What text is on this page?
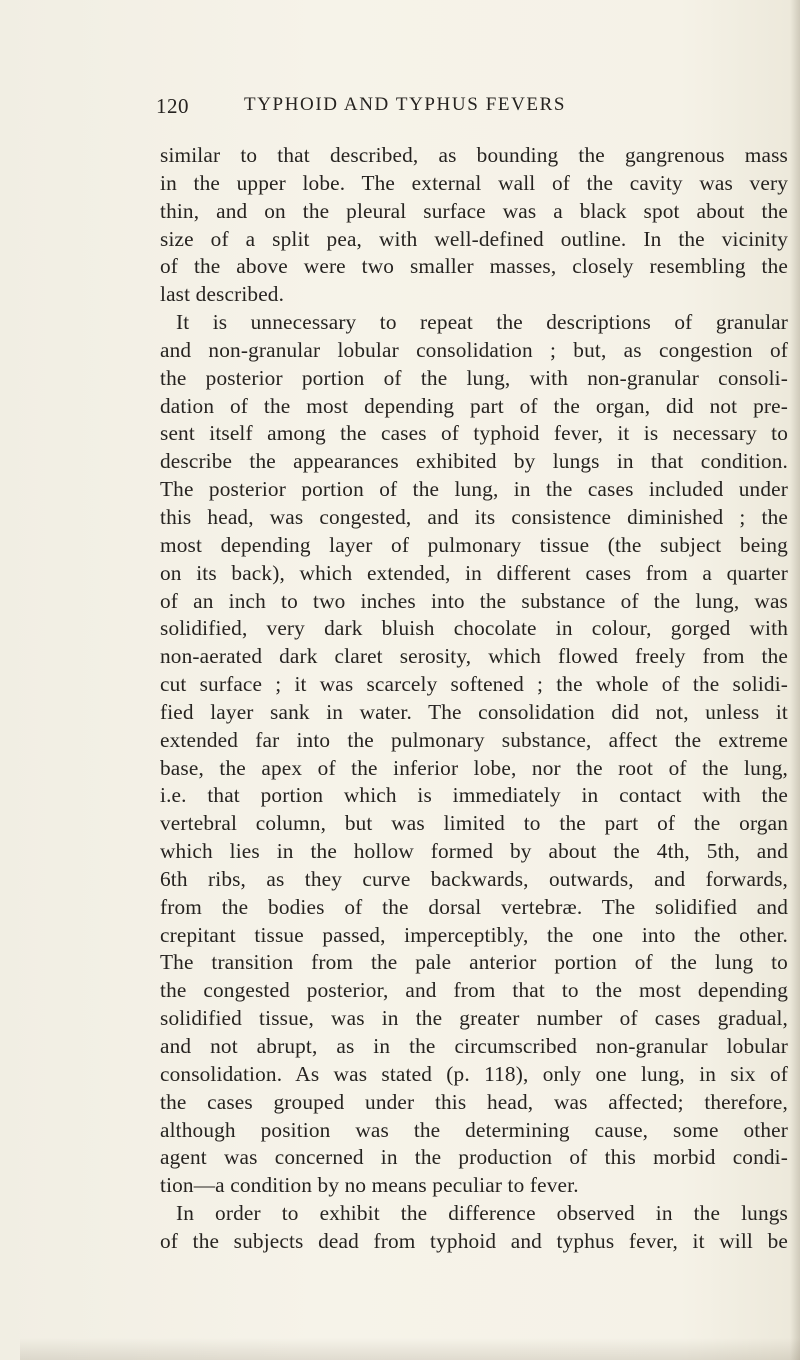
120	TYPHOID AND TYPHUS FEVERS
similar to that described, as bounding the gangrenous mass
in the upper lobe. The external wall of the cavity was very
thin, and on the pleural surface was a black spot about the
size of a split pea, with well-defined outline. In the vicinity
of the above were two smaller masses, closely resembling the
last described.
It is unnecessary to repeat the descriptions of granular
and non-granular lobular consolidation ; but, as congestion of
the posterior portion of the lung, with non-granular consoli-
dation of the most depending part of the organ, did not pre-
sent itself among the cases of typhoid fever, it is necessary to
describe the appearances exhibited by lungs in that condition.
The posterior portion of the lung, in the cases included under
this head, was congested, and its consistence diminished ; the
most depending layer of pulmonary tissue (the subject being
on its back), which extended, in different cases from a quarter
of an inch to two inches into the substance of the lung, was
solidified, very dark bluish chocolate in colour, gorged with
non-aerated dark claret serosity, which flowed freely from the
cut surface ; it was scarcely softened ; the whole of the solidi-
fied layer sank in water. The consolidation did not, unless it
extended far into the pulmonary substance, affect the extreme
base, the apex of the inferior lobe, nor the root of the lung,
i.e. that portion which is immediately in contact with the
vertebral column, but was limited to the part of the organ
which lies in the hollow formed by about the 4th, 5th, and
6th ribs, as they curve backwards, outwards, and forwards,
from the bodies of the dorsal vertebræ. The solidified and
crepitant tissue passed, imperceptibly, the one into the other.
The transition from the pale anterior portion of the lung to
the congested posterior, and from that to the most depending
solidified tissue, was in the greater number of cases gradual,
and not abrupt, as in the circumscribed non-granular lobular
consolidation. As was stated (p. 118), only one lung, in six of
the cases grouped under this head, was affected; therefore,
although position was the determining cause, some other
agent was concerned in the production of this morbid condi-
tion—a condition by no means peculiar to fever.
In order to exhibit the difference observed in the lungs
of the subjects dead from typhoid and typhus fever, it will be
